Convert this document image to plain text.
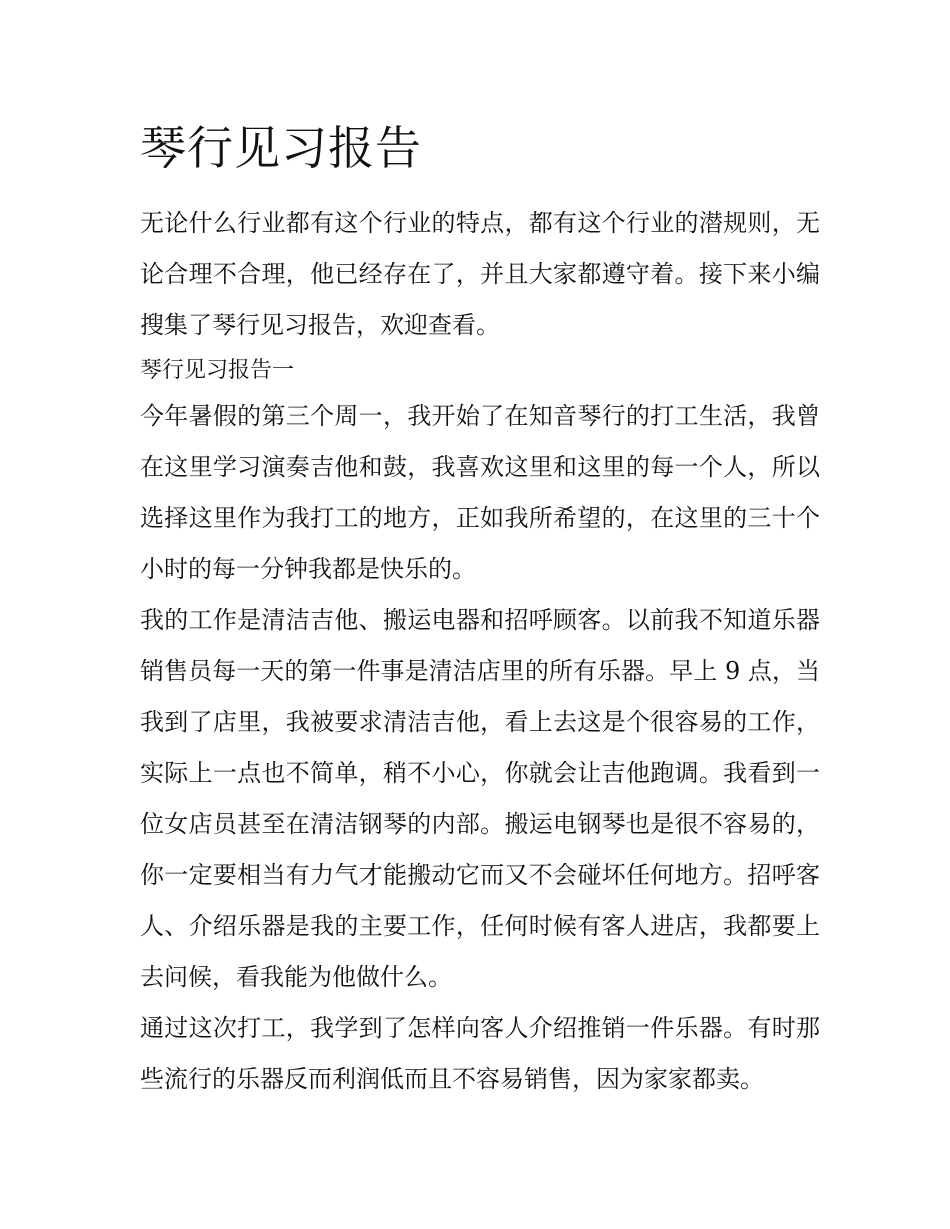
琴行见习报告

无论什么行业都有这个行业的特点，都有这个行业的潜规则，无论合理不合理，他已经存在了，并且大家都遵守着。接下来小编搜集了琴行见习报告，欢迎查看。

琴行见习报告一

今年暑假的第三个周一，我开始了在知音琴行的打工生活，我曾在这里学习演奏吉他和鼓，我喜欢这里和这里的每一个人，所以选择这里作为我打工的地方，正如我所希望的，在这里的三十个小时的每一分钟我都是快乐的。

我的工作是清洁吉他、搬运电器和招呼顾客。以前我不知道乐器销售员每一天的第一件事是清洁店里的所有乐器。早上 9 点，当我到了店里，我被要求清洁吉他，看上去这是个很容易的工作，实际上一点也不简单，稍不小心，你就会让吉他跑调。我看到一位女店员甚至在清洁钢琴的内部。搬运电钢琴也是很不容易的，你一定要相当有力气才能搬动它而又不会碰坏任何地方。招呼客人、介绍乐器是我的主要工作，任何时候有客人进店，我都要上去问候，看我能为他做什么。

通过这次打工，我学到了怎样向客人介绍推销一件乐器。有时那些流行的乐器反而利润低而且不容易销售，因为家家都卖。
